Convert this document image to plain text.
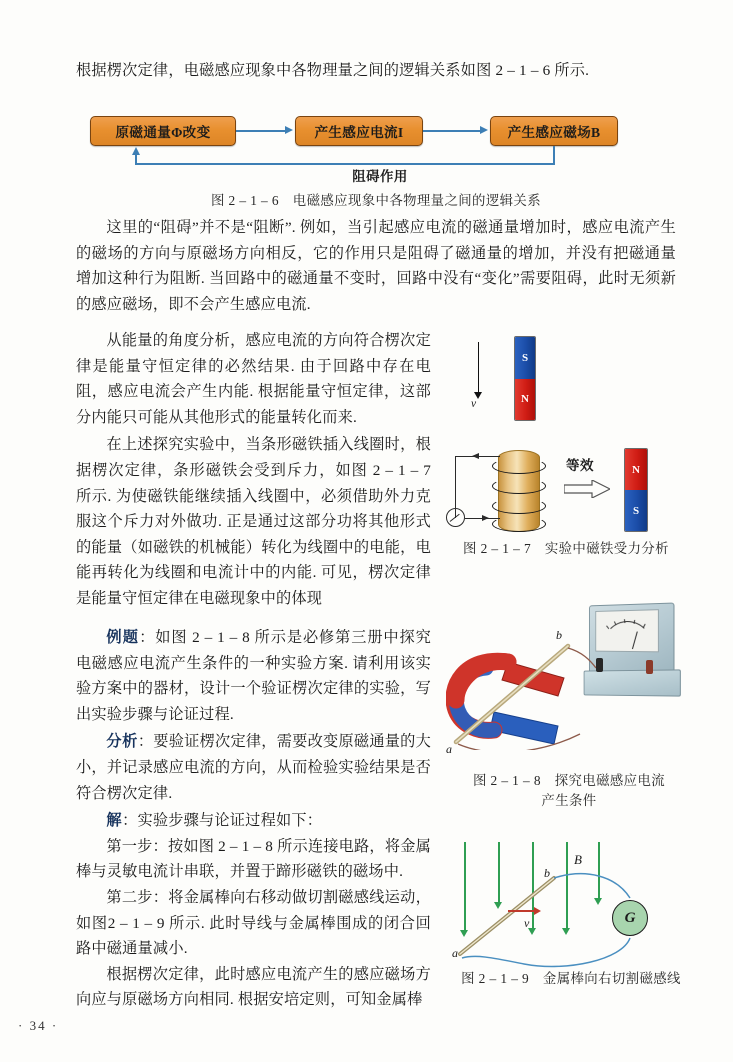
根据楞次定律，电磁感应现象中各物理量之间的逻辑关系如图 2 – 1 – 6 所示.
原磁通量Φ改变	产生感应电流I	产生感应磁场B
阻碍作用
图 2 – 1 – 6　电磁感应现象中各物理量之间的逻辑关系
这里的“阻碍”并不是“阻断”. 例如，当引起感应电流的磁通量增加时，感应电流产生的磁场的方向与原磁场方向相反，它的作用只是阻碍了磁通量的增加，并没有把磁通量增加这种行为阻断. 当回路中的磁通量不变时，回路中没有“变化”需要阻碍，此时无须新的感应磁场，即不会产生感应电流.
从能量的角度分析，感应电流的方向符合楞次定律是能量守恒定律的必然结果. 由于回路中存在电阻，感应电流会产生内能. 根据能量守恒定律，这部分内能只可能从其他形式的能量转化而来.
在上述探究实验中，当条形磁铁插入线圈时，根据楞次定律，条形磁铁会受到斥力，如图 2 – 1 – 7 所示. 为使磁铁能继续插入线圈中，必须借助外力克服这个斥力对外做功. 正是通过这部分功将其他形式的能量（如磁铁的机械能）转化为线圈中的电能，电能再转化为线圈和电流计中的内能. 可见，楞次定律是能量守恒定律在电磁现象中的体现
S
N
v
等效	N
S
图 2 – 1 – 7　实验中磁铁受力分析
例题：如图 2 – 1 – 8 所示是必修第三册中探究电磁感应电流产生条件的一种实验方案. 请利用该实验方案中的器材，设计一个验证楞次定律的实验，写出实验步骤与论证过程.
分析：要验证楞次定律，需要改变原磁通量的大小，并记录感应电流的方向，从而检验实验结果是否符合楞次定律.
解：实验步骤与论证过程如下：
第一步：按如图 2 – 1 – 8 所示连接电路，将金属棒与灵敏电流计串联，并置于蹄形磁铁的磁场中.
第二步：将金属棒向右移动做切割磁感线运动，如图2 – 1 – 9 所示. 此时导线与金属棒围成的闭合回路中磁通量减小.
根据楞次定律，此时感应电流产生的感应磁场方向应与原磁场方向相同. 根据安培定则，可知金属棒
b
a
图 2 – 1 – 8　探究电磁感应电流
产生条件
B
v
b
a
G
图 2 – 1 – 9　金属棒向右切割磁感线
· 34 ·
